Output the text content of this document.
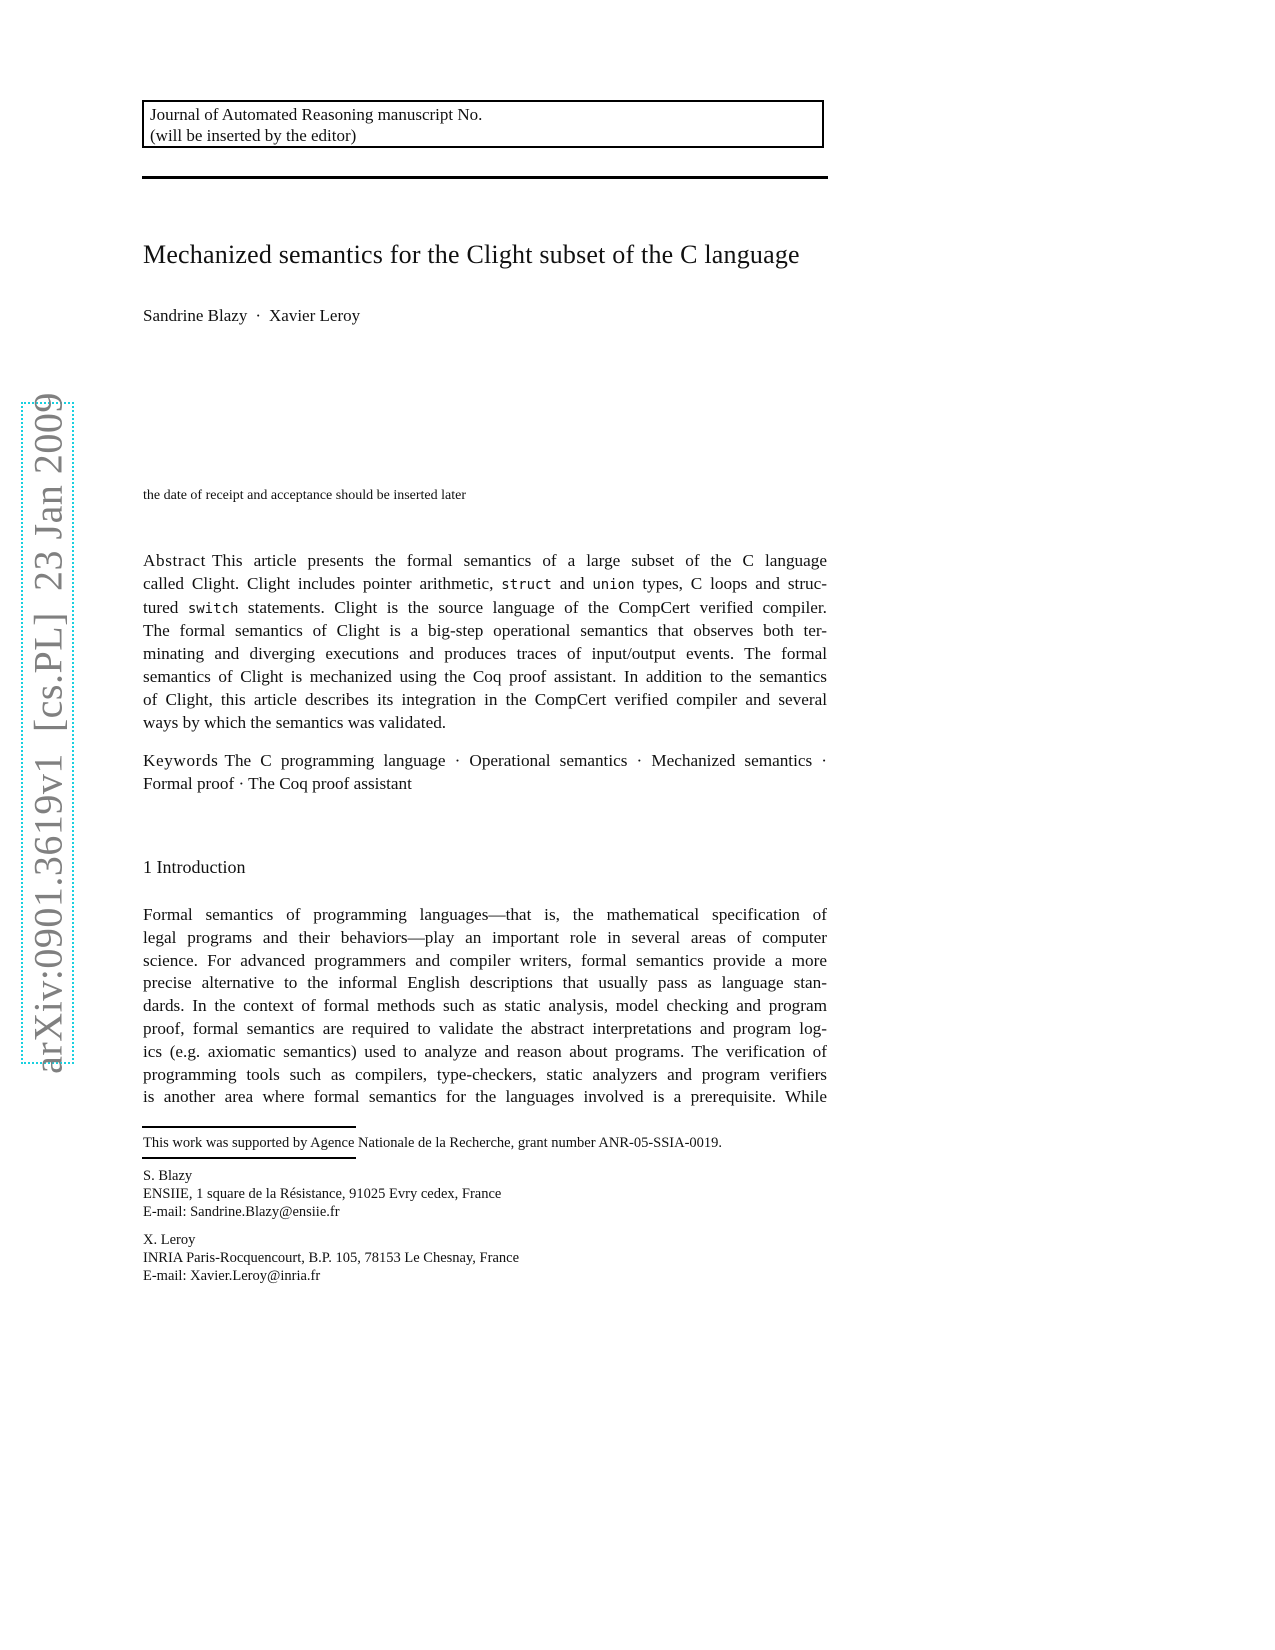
arXiv:0901.3619v1  [cs.PL]  23 Jan 2009
Journal of Automated Reasoning manuscript No.
(will be inserted by the editor)
Mechanized semantics for the Clight subset of the C language
Sandrine Blazy · Xavier Leroy
the date of receipt and acceptance should be inserted later
Abstract This article presents the formal semantics of a large subset of the C language
called Clight. Clight includes pointer arithmetic, struct and union types, C loops and struc-
tured switch statements. Clight is the source language of the CompCert verified compiler.
The formal semantics of Clight is a big-step operational semantics that observes both ter-
minating and diverging executions and produces traces of input/output events. The formal
semantics of Clight is mechanized using the Coq proof assistant. In addition to the semantics
of Clight, this article describes its integration in the CompCert verified compiler and several
ways by which the semantics was validated.
Keywords The C programming language · Operational semantics · Mechanized semantics ·
Formal proof · The Coq proof assistant
1 Introduction
Formal semantics of programming languages—that is, the mathematical specification of
legal programs and their behaviors—play an important role in several areas of computer
science. For advanced programmers and compiler writers, formal semantics provide a more
precise alternative to the informal English descriptions that usually pass as language stan-
dards. In the context of formal methods such as static analysis, model checking and program
proof, formal semantics are required to validate the abstract interpretations and program log-
ics (e.g. axiomatic semantics) used to analyze and reason about programs. The verification of
programming tools such as compilers, type-checkers, static analyzers and program verifiers
is another area where formal semantics for the languages involved is a prerequisite. While
This work was supported by Agence Nationale de la Recherche, grant number ANR-05-SSIA-0019.
S. Blazy
ENSIIE, 1 square de la Résistance, 91025 Evry cedex, France
E-mail: Sandrine.Blazy@ensiie.fr
X. Leroy
INRIA Paris-Rocquencourt, B.P. 105, 78153 Le Chesnay, France
E-mail: Xavier.Leroy@inria.fr
